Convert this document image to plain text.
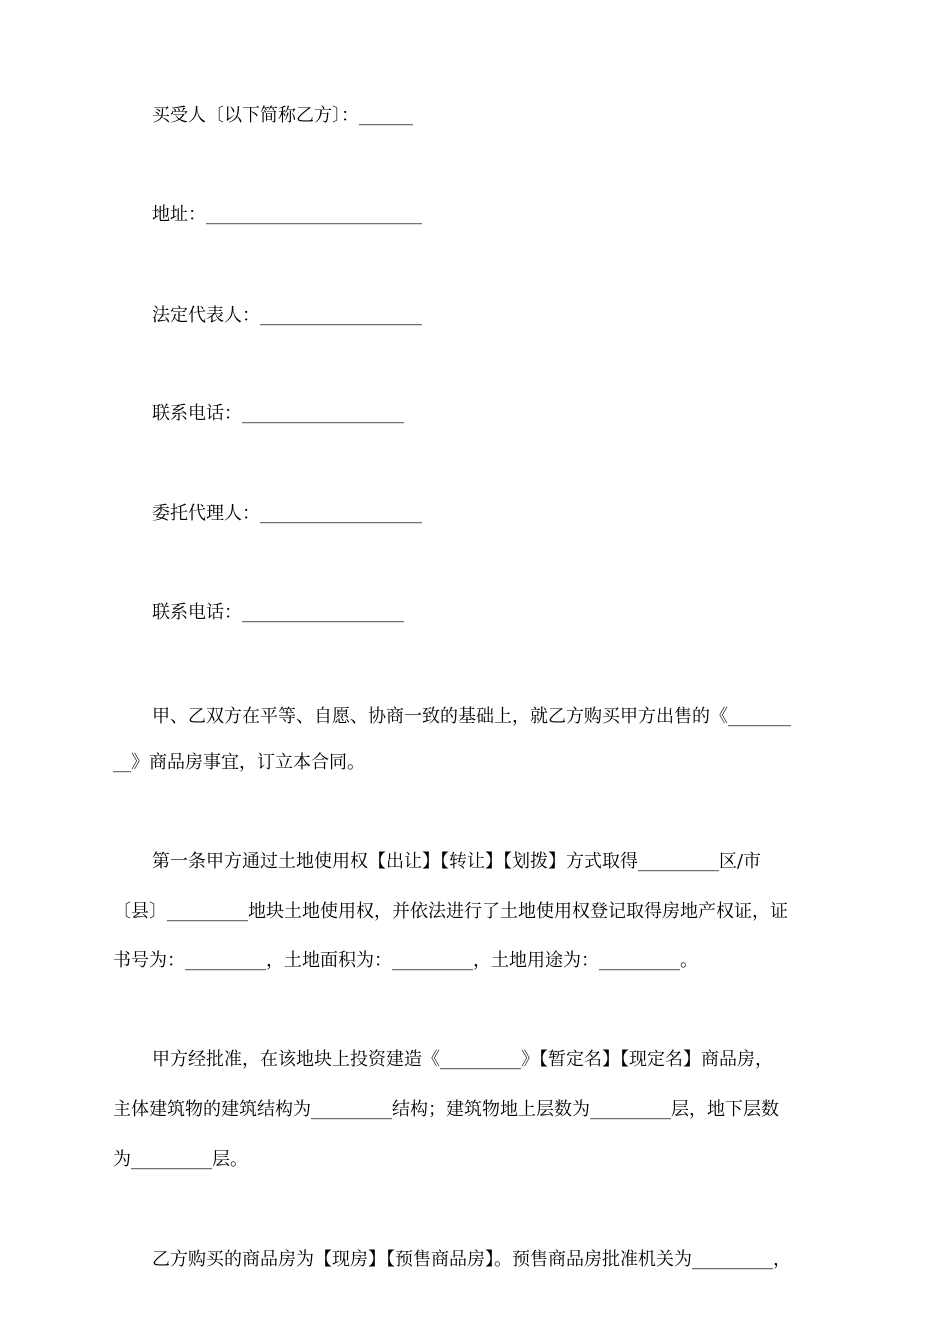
买受人〔以下简称乙方〕：______
地址：________________________
法定代表人：__________________
联系电话：__________________
委托代理人：__________________
联系电话：__________________
甲、乙双方在平等、自愿、协商一致的基础上，就乙方购买甲方出售的《_______
__》商品房事宜，订立本合同。
第一条甲方通过土地使用权【出让】【转让】【划拨】方式取得_________区/市
〔县〕_________地块土地使用权，并依法进行了土地使用权登记取得房地产权证，证
书号为：_________，土地面积为：_________，土地用途为：_________。
甲方经批准，在该地块上投资建造《_________》【暂定名】【现定名】商品房，
主体建筑物的建筑结构为_________结构；建筑物地上层数为_________层，地下层数
为_________层。
乙方购买的商品房为【现房】【预售商品房】。预售商品房批准机关为_________，
